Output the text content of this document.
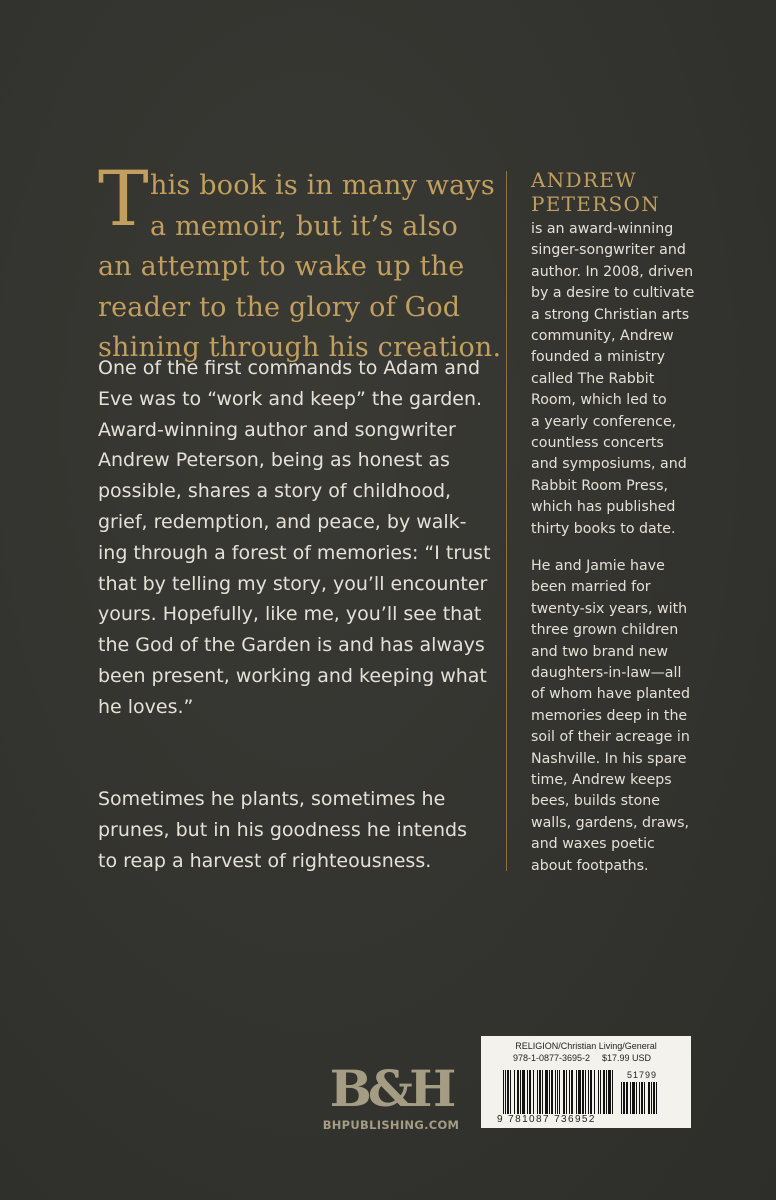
T his book is in many ways
a memoir, but it’s also
an attempt to wake up the
reader to the glory of God
shining through his creation.
One of the first commands to Adam and
Eve was to “work and keep” the garden.
Award-winning author and songwriter
Andrew Peterson, being as honest as
possible, shares a story of childhood,
grief, redemption, and peace, by walk-
ing through a forest of memories: “I trust
that by telling my story, you’ll encounter
yours. Hopefully, like me, you’ll see that
the God of the Garden is and has always
been present, working and keeping what
he loves.”
Sometimes he plants, sometimes he
prunes, but in his goodness he intends
to reap a harvest of righteousness.
ANDREW
PETERSON
is an award-winning
singer-songwriter and
author. In 2008, driven
by a desire to cultivate
a strong Christian arts
community, Andrew
founded a ministry
called The Rabbit
Room, which led to
a yearly conference,
countless concerts
and symposiums, and
Rabbit Room Press,
which has published
thirty books to date.
He and Jamie have
been married for
twenty-six years, with
three grown children
and two brand new
daughters-in-law—all
of whom have planted
memories deep in the
soil of their acreage in
Nashville. In his spare
time, Andrew keeps
bees, builds stone
walls, gardens, draws,
and waxes poetic
about footpaths.
B&H
BHPUBLISHING.COM
RELIGION/Christian Living/General
978-1-0877-3695-2 $17.99 USD
51799
9 781087 736952
